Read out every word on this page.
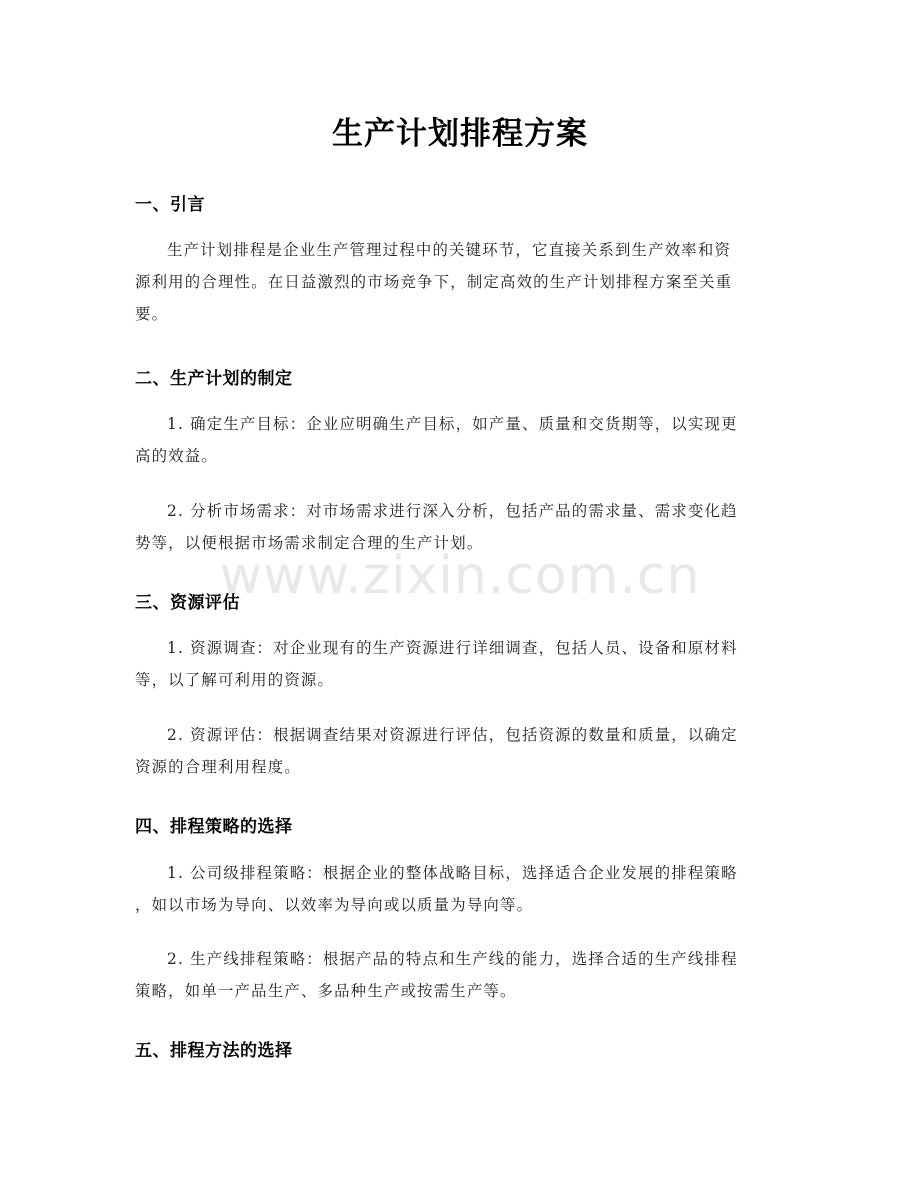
生产计划排程方案
www.zixin.com.cn
一、引言
生产计划排程是企业生产管理过程中的关键环节，它直接关系到生产效率和资
源利用的合理性。在日益激烈的市场竞争下，制定高效的生产计划排程方案至关重
要。
二、生产计划的制定
1. 确定生产目标：企业应明确生产目标，如产量、质量和交货期等，以实现更
高的效益。
2. 分析市场需求：对市场需求进行深入分析，包括产品的需求量、需求变化趋
势等，以便根据市场需求制定合理的生产计划。
三、资源评估
1. 资源调查：对企业现有的生产资源进行详细调查，包括人员、设备和原材料
等，以了解可利用的资源。
2. 资源评估：根据调查结果对资源进行评估，包括资源的数量和质量，以确定
资源的合理利用程度。
四、排程策略的选择
1. 公司级排程策略：根据企业的整体战略目标，选择适合企业发展的排程策略
，如以市场为导向、以效率为导向或以质量为导向等。
2. 生产线排程策略：根据产品的特点和生产线的能力，选择合适的生产线排程
策略，如单一产品生产、多品种生产或按需生产等。
五、排程方法的选择
